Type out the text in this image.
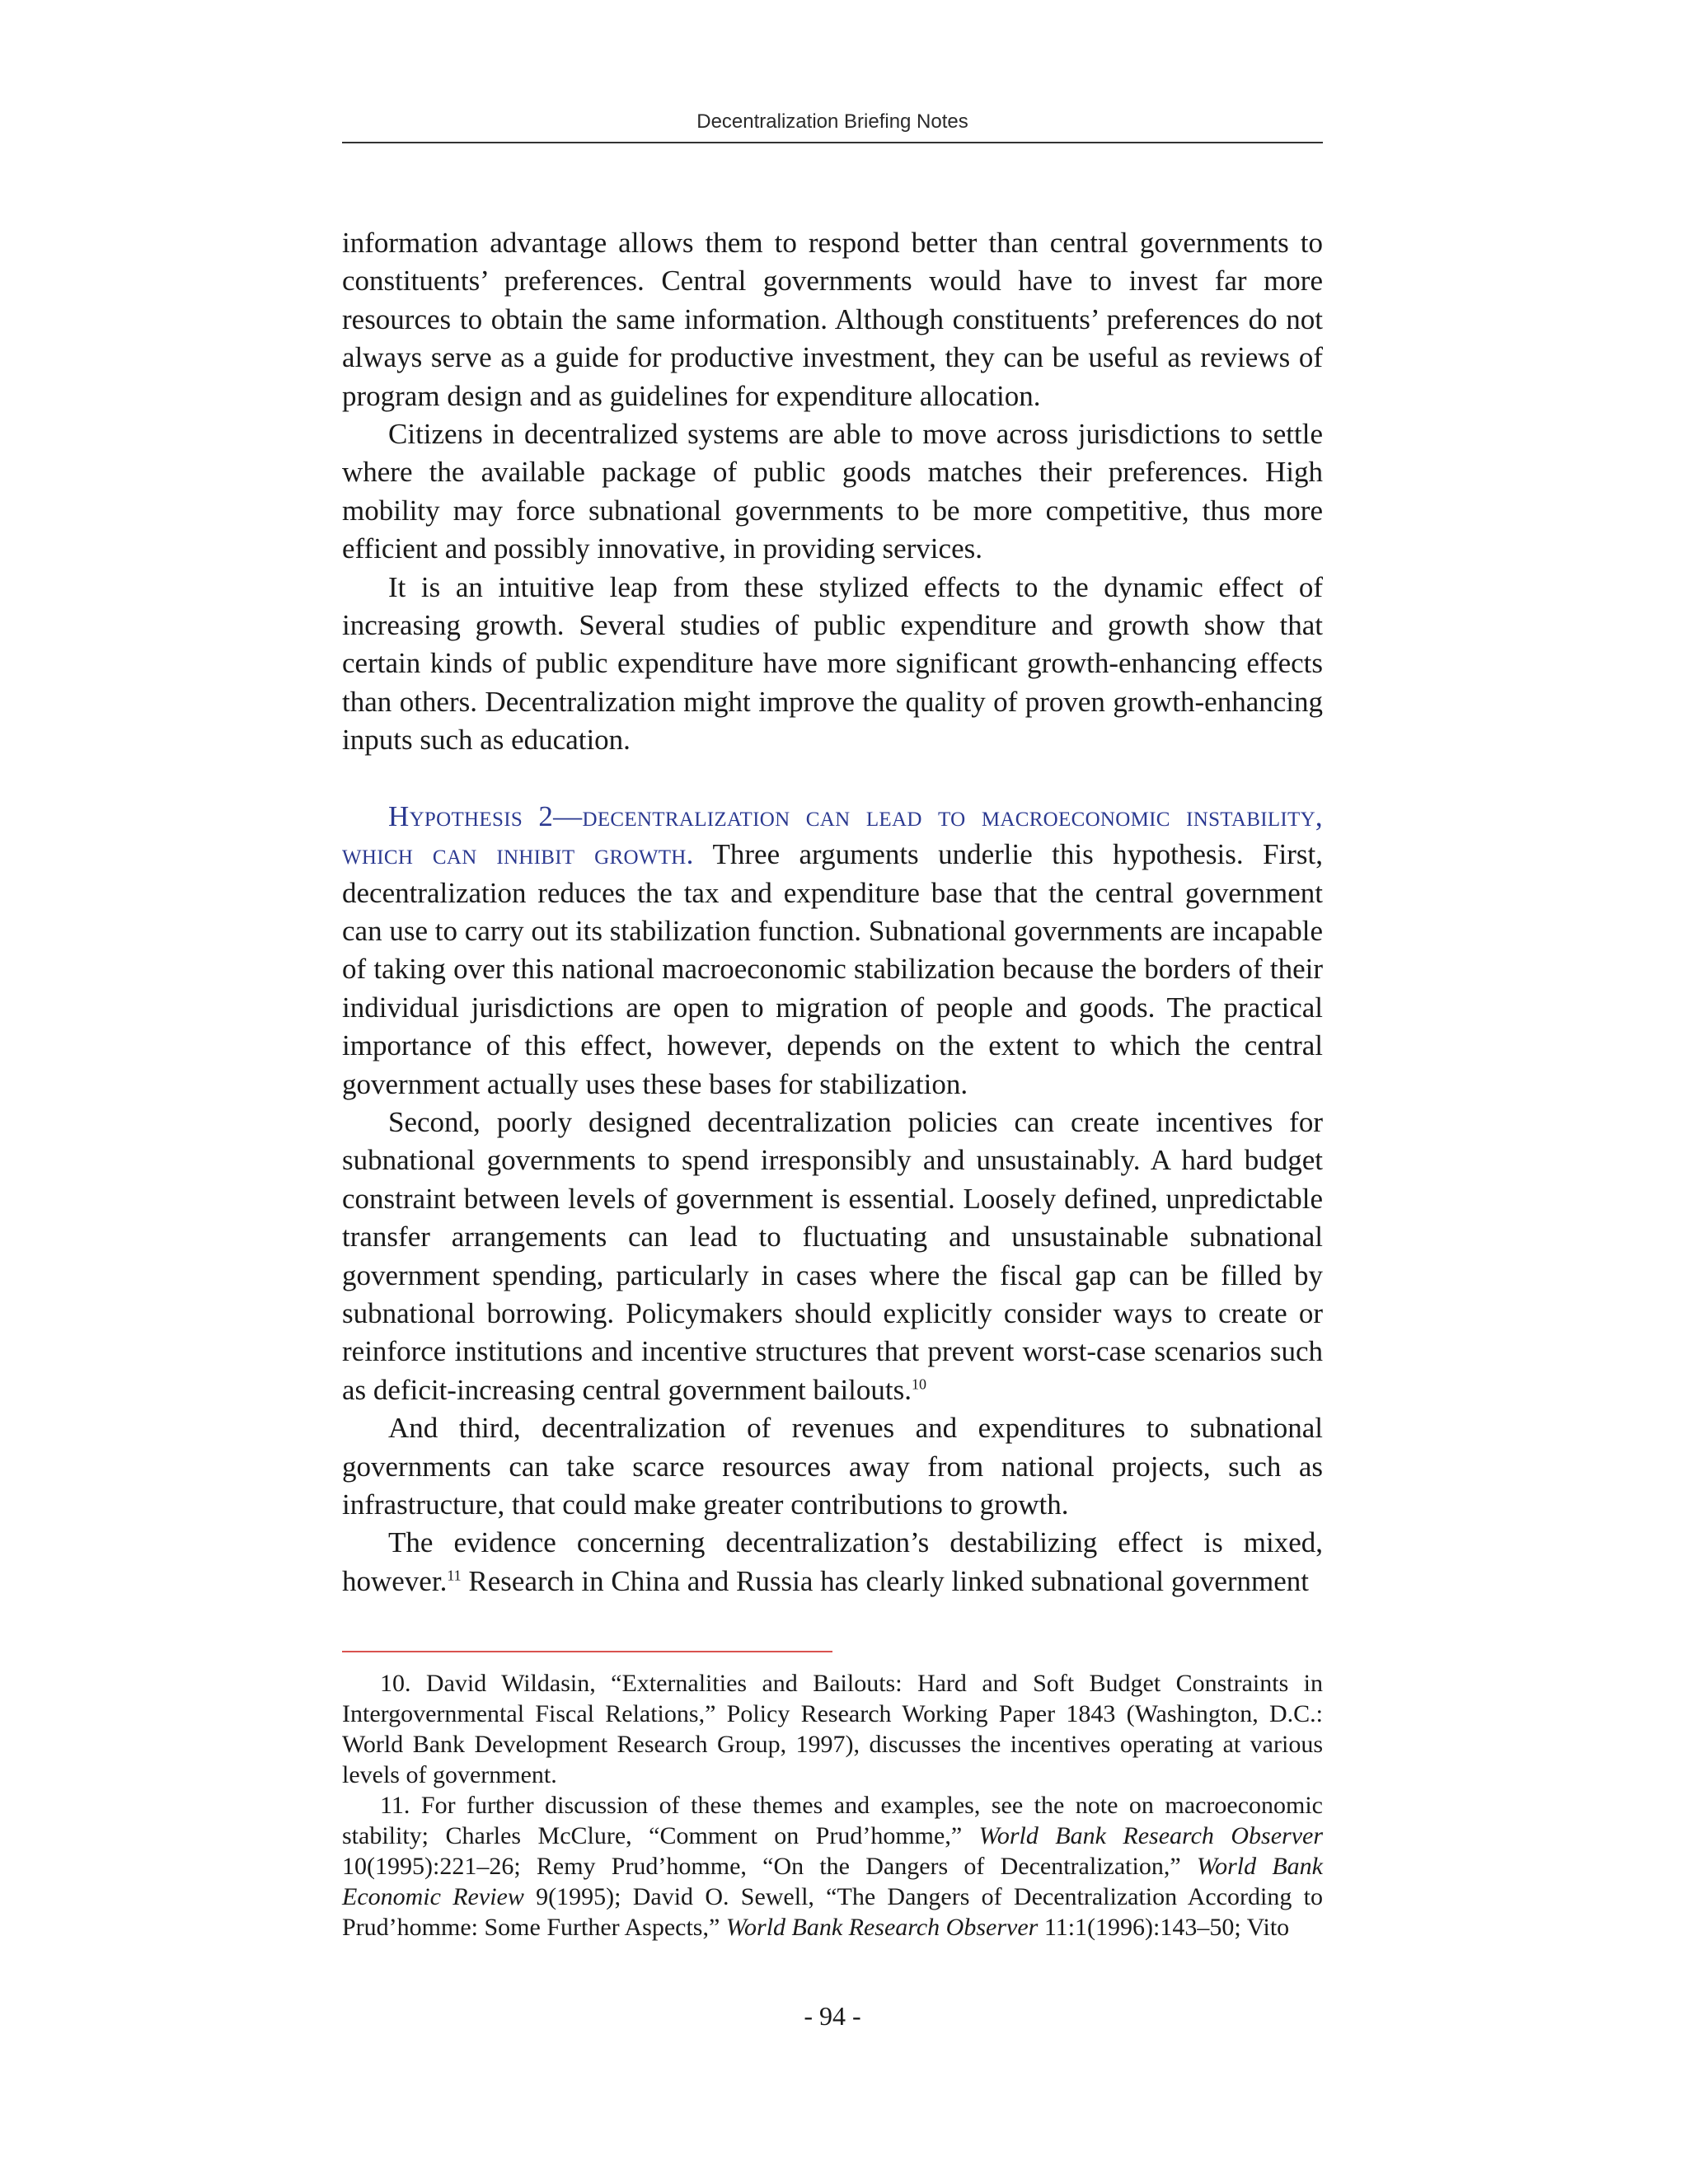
Decentralization Briefing Notes

information advantage allows them to respond better than central governments to constituents’ preferences. Central governments would have to invest far more resources to obtain the same information. Although constituents’ preferences do not always serve as a guide for productive investment, they can be useful as reviews of program design and as guidelines for expenditure allocation.

Citizens in decentralized systems are able to move across jurisdictions to settle where the available package of public goods matches their preferences. High mobility may force subnational governments to be more competitive, thus more efficient and possibly innovative, in providing services.

It is an intuitive leap from these stylized effects to the dynamic effect of increasing growth. Several studies of public expenditure and growth show that certain kinds of public expenditure have more significant growth-enhancing effects than others. Decentralization might improve the quality of proven growth-enhancing inputs such as education.

Hypothesis 2—decentralization can lead to macroeconomic instability, which can inhibit growth. Three arguments underlie this hypothesis. First, decentralization reduces the tax and expenditure base that the central government can use to carry out its stabilization function. Subnational governments are incapable of taking over this national macroeconomic stabilization because the borders of their individual jurisdictions are open to migration of people and goods. The practical importance of this effect, however, depends on the extent to which the central government actually uses these bases for stabilization.

Second, poorly designed decentralization policies can create incentives for subnational governments to spend irresponsibly and unsustainably. A hard budget constraint between levels of government is essential. Loosely defined, unpredictable transfer arrangements can lead to fluctuating and unsustainable subnational government spending, particularly in cases where the fiscal gap can be filled by subnational borrowing. Policymakers should explicitly consider ways to create or reinforce institutions and incentive structures that prevent worst-case scenarios such as deficit-increasing central government bailouts.$^{10}$

And third, decentralization of revenues and expenditures to subnational governments can take scarce resources away from national projects, such as infrastructure, that could make greater contributions to growth.

The evidence concerning decentralization’s destabilizing effect is mixed, however.$^{11}$ Research in China and Russia has clearly linked subnational government

10. David Wildasin, “Externalities and Bailouts: Hard and Soft Budget Constraints in Intergovernmental Fiscal Relations,” Policy Research Working Paper 1843 (Washington, D.C.: World Bank Development Research Group, 1997), discusses the incentives operating at various levels of government.

11. For further discussion of these themes and examples, see the note on macroeconomic stability; Charles McClure, “Comment on Prud’homme,” World Bank Research Observer 10(1995):221–26; Remy Prud’homme, “On the Dangers of Decentralization,” World Bank Economic Review 9(1995); David O. Sewell, “The Dangers of Decentralization According to Prud’homme: Some Further Aspects,” World Bank Research Observer 11:1(1996):143–50; Vito

- 94 -
